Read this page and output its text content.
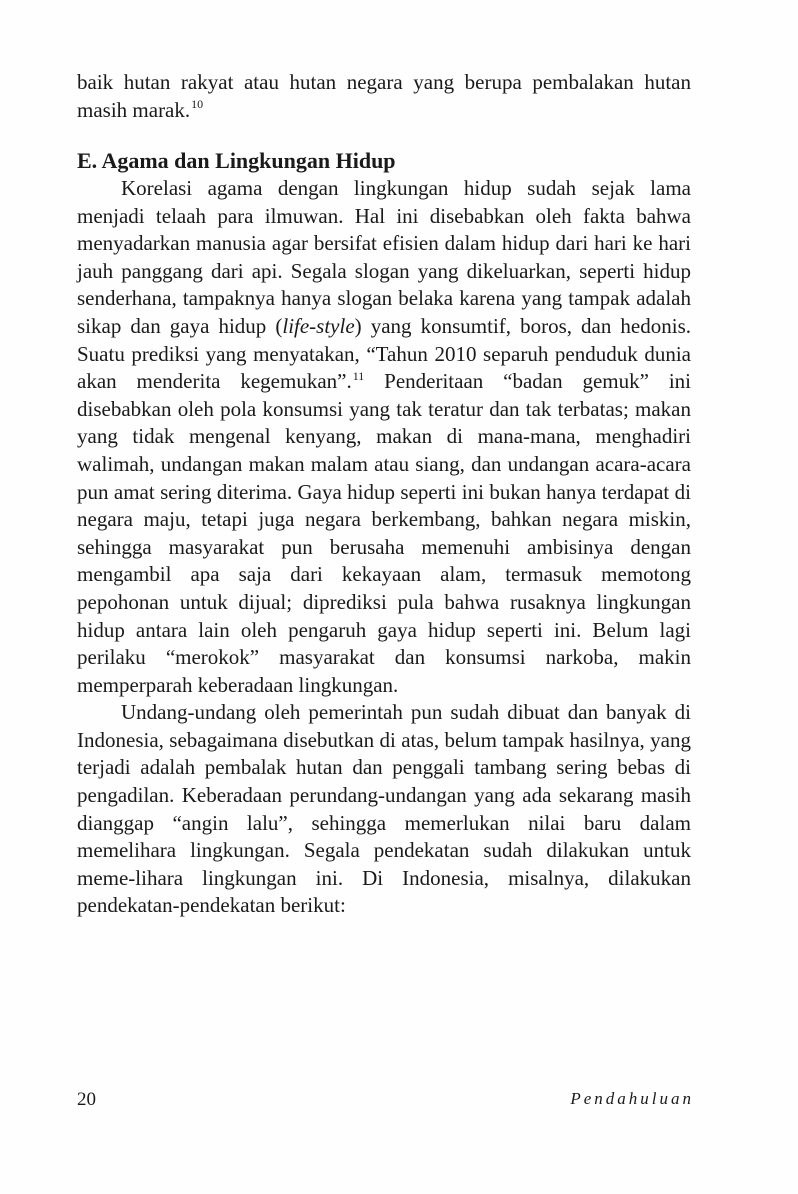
baik hutan rakyat atau hutan negara yang berupa pembalakan hutan masih marak.$^{10}$

E. Agama dan Lingkungan Hidup

Korelasi agama dengan lingkungan hidup sudah sejak lama menjadi telaah para ilmuwan. Hal ini disebabkan oleh fakta bahwa menyadarkan manusia agar bersifat efisien dalam hidup dari hari ke hari jauh panggang dari api. Segala slogan yang dikeluarkan, seperti hidup senderhana, tampaknya hanya slogan belaka karena yang tampak adalah sikap dan gaya hidup (life-style) yang konsumtif, boros, dan hedonis. Suatu prediksi yang menyatakan, “Tahun 2010 separuh penduduk dunia akan menderita kegemukan”.$^{11}$ Penderitaan “badan gemuk” ini disebabkan oleh pola konsumsi yang tak teratur dan tak terbatas; makan yang tidak mengenal kenyang, makan di mana-mana, menghadiri walimah, undangan makan malam atau siang, dan undangan acara-acara pun amat sering diterima. Gaya hidup seperti ini bukan hanya terdapat di negara maju, tetapi juga negara berkembang, bahkan negara miskin, sehingga masyarakat pun berusaha memenuhi ambisinya dengan mengambil apa saja dari kekayaan alam, termasuk memotong pepohonan untuk dijual; diprediksi pula bahwa rusaknya lingkungan hidup antara lain oleh pengaruh gaya hidup seperti ini. Belum lagi perilaku “merokok” masyarakat dan konsumsi narkoba, makin memperparah keberadaan lingkungan.

Undang-undang oleh pemerintah pun sudah dibuat dan banyak di Indonesia, sebagaimana disebutkan di atas, belum tampak hasilnya, yang terjadi adalah pembalak hutan dan penggali tambang sering bebas di pengadilan. Keberadaan perundang-undangan yang ada sekarang masih dianggap “angin lalu”, sehingga memerlukan nilai baru dalam memelihara lingkungan. Segala pendekatan sudah dilakukan untuk meme-lihara lingkungan ini. Di Indonesia, misalnya, dilakukan pendekatan-pendekatan berikut:

20	Pendahuluan
